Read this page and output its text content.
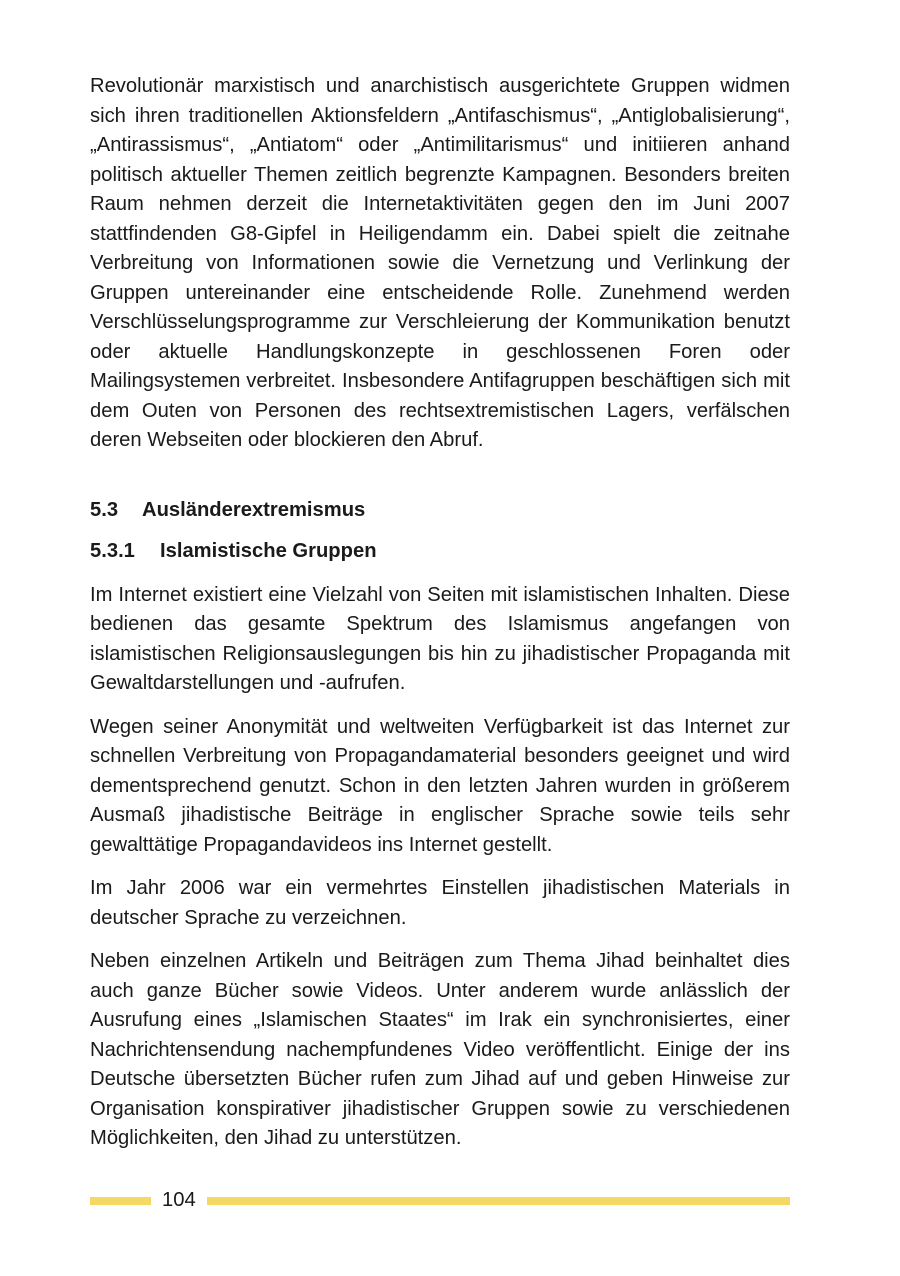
Revolutionär marxistisch und anarchistisch ausgerichtete Gruppen widmen sich ihren traditionellen Aktionsfeldern „Antifaschismus“, „Antiglobalisierung“, „Antirassismus“, „Antiatom“ oder „Antimilitarismus“ und initiieren anhand politisch aktueller Themen zeitlich begrenzte Kampagnen. Besonders breiten Raum nehmen derzeit die Internetaktivitäten gegen den im Juni 2007 stattfindenden G8-Gipfel in Heiligendamm ein. Dabei spielt die zeitnahe Verbreitung von Informationen sowie die Vernetzung und Verlinkung der Gruppen untereinander eine entscheidende Rolle. Zunehmend werden Verschlüsselungsprogramme zur Verschleierung der Kommunikation benutzt oder aktuelle Handlungskonzepte in geschlossenen Foren oder Mailingsystemen verbreitet. Insbesondere Antifagruppen beschäftigen sich mit dem Outen von Personen des rechtsextremistischen Lagers, verfälschen deren Webseiten oder blockieren den Abruf.

5.3	Ausländerextremismus
5.3.1	Islamistische Gruppen

Im Internet existiert eine Vielzahl von Seiten mit islamistischen Inhalten. Diese bedienen das gesamte Spektrum des Islamismus angefangen von islamistischen Religionsauslegungen bis hin zu jihadistischer Propaganda mit Gewaltdarstellungen und -aufrufen.

Wegen seiner Anonymität und weltweiten Verfügbarkeit ist das Internet zur schnellen Verbreitung von Propagandamaterial besonders geeignet und wird dementsprechend genutzt. Schon in den letzten Jahren wurden in größerem Ausmaß jihadistische Beiträge in englischer Sprache sowie teils sehr gewalttätige Propagandavideos ins Internet gestellt.

Im Jahr 2006 war ein vermehrtes Einstellen jihadistischen Materials in deutscher Sprache zu verzeichnen.

Neben einzelnen Artikeln und Beiträgen zum Thema Jihad beinhaltet dies auch ganze Bücher sowie Videos. Unter anderem wurde anlässlich der Ausrufung eines „Islamischen Staates“ im Irak ein synchronisiertes, einer Nachrichtensendung nachempfundenes Video veröffentlicht. Einige der ins Deutsche übersetzten Bücher rufen zum Jihad auf und geben Hinweise zur Organisation konspirativer jihadistischer Gruppen sowie zu verschiedenen Möglichkeiten, den Jihad zu unterstützen.

104
